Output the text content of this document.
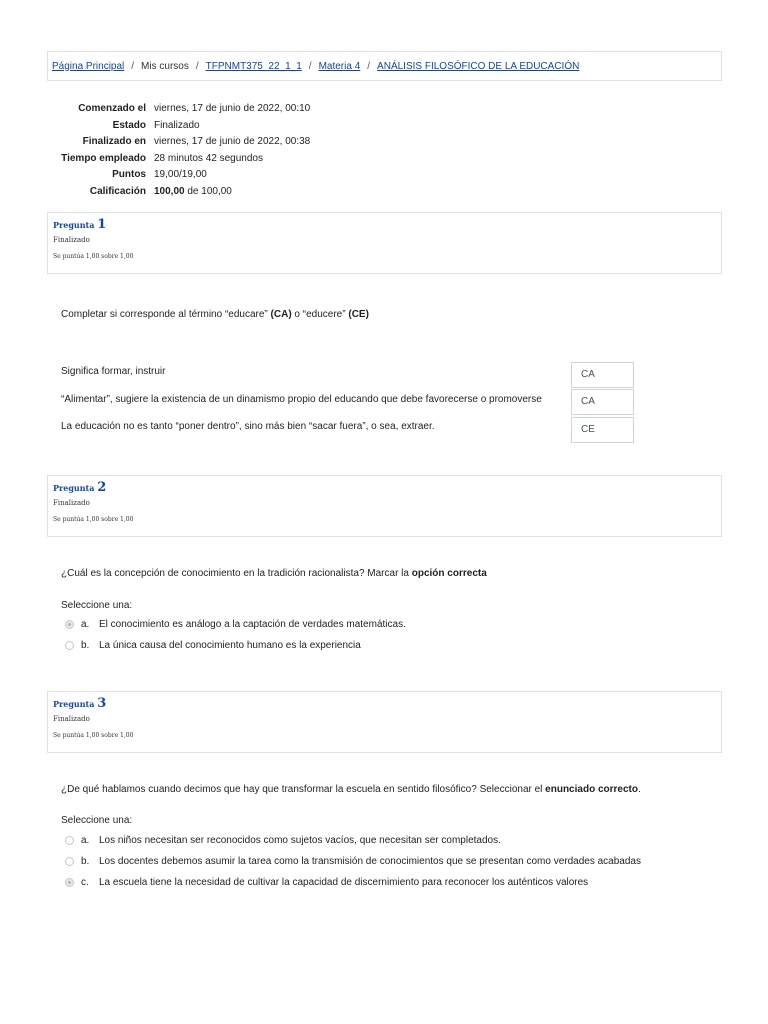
Página Principal / Mis cursos / TFPNMT375_22_1_1 / Materia 4 / ANÁLISIS FILOSÓFICO DE LA EDUCACIÓN
Comenzado el viernes, 17 de junio de 2022, 00:10
Estado Finalizado
Finalizado en viernes, 17 de junio de 2022, 00:38
Tiempo empleado 28 minutos 42 segundos
Puntos 19,00/19,00
Calificación 100,00 de 100,00
Pregunta 1
Finalizado
Se puntúa 1,00 sobre 1,00
Completar si corresponde al término “educare” (CA) o “educere” (CE)
Significa formar, instruir	CA
“Alimentar”, sugiere la existencia de un dinamismo propio del educando que debe favorecerse o promoverse	CA
La educación no es tanto “poner dentro”, sino más bien “sacar fuera”, o sea, extraer.	CE
Pregunta 2
Finalizado
Se puntúa 1,00 sobre 1,00
¿Cuál es la concepción de conocimiento en la tradición racionalista? Marcar la opción correcta
Seleccione una:
a. El conocimiento es análogo a la captación de verdades matemáticas.
b. La única causa del conocimiento humano es la experiencia
Pregunta 3
Finalizado
Se puntúa 1,00 sobre 1,00
¿De qué hablamos cuando decimos que hay que transformar la escuela en sentido filosófico? Seleccionar el enunciado correcto.
Seleccione una:
a. Los niños necesitan ser reconocidos como sujetos vacíos, que necesitan ser completados.
b. Los docentes debemos asumir la tarea como la transmisión de conocimientos que se presentan como verdades acabadas
c.	La escuela tiene la necesidad de cultivar la capacidad de discernimiento para reconocer los auténticos valores
